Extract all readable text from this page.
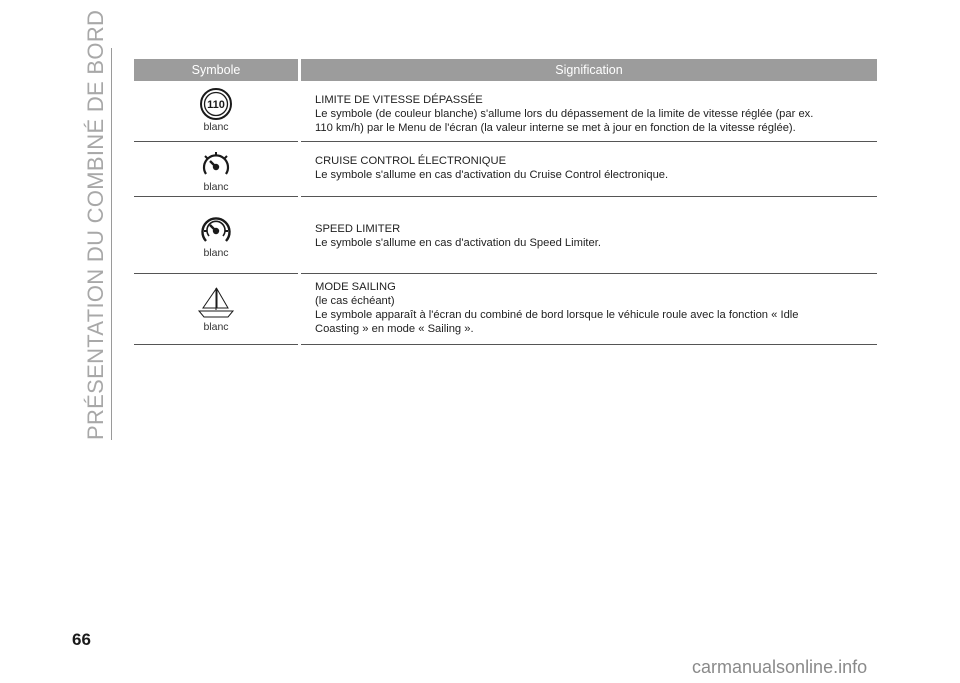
PRÉSENTATION DU COMBINÉ DE BORD	Symbole	Signification

110
blanc	LIMITE DE VITESSE DÉPASSÉE
Le symbole (de couleur blanche) s'allume lors du dépassement de la limite de vitesse réglée (par ex.
110 km/h) par le Menu de l'écran (la valeur interne se met à jour en fonction de la vitesse réglée).

blanc	CRUISE CONTROL ÉLECTRONIQUE
Le symbole s'allume en cas d'activation du Cruise Control électronique.

blanc	SPEED LIMITER
Le symbole s'allume en cas d'activation du Speed Limiter.

blanc	MODE SAILING
(le cas échéant)
Le symbole apparaît à l'écran du combiné de bord lorsque le véhicule roule avec la fonction « Idle
Coasting » en mode « Sailing ».
66
carmanualsonline.info
